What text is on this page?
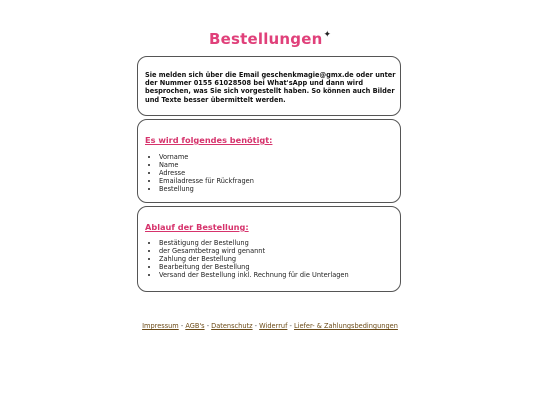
Bestellungen✦
Sie melden sich über die Email geschenkmagie@gmx.de oder unter der Nummer 0155 61028508 bei What'sApp und dann wird besprochen, was Sie sich vorgestellt haben. So können auch Bilder und Texte besser übermittelt werden.
Es wird folgendes benötigt:
• Vorname
• Name
• Adresse
• Emailadresse für Rückfragen
• Bestellung
Ablauf der Bestellung:
• Bestätigung der Bestellung
• der Gesamtbetrag wird genannt
• Zahlung der Bestellung
• Bearbeitung der Bestellung
• Versand der Bestellung inkl. Rechnung für die Unterlagen
Impressum - AGB's - Datenschutz - Widerruf - Liefer- & Zahlungsbedingungen
